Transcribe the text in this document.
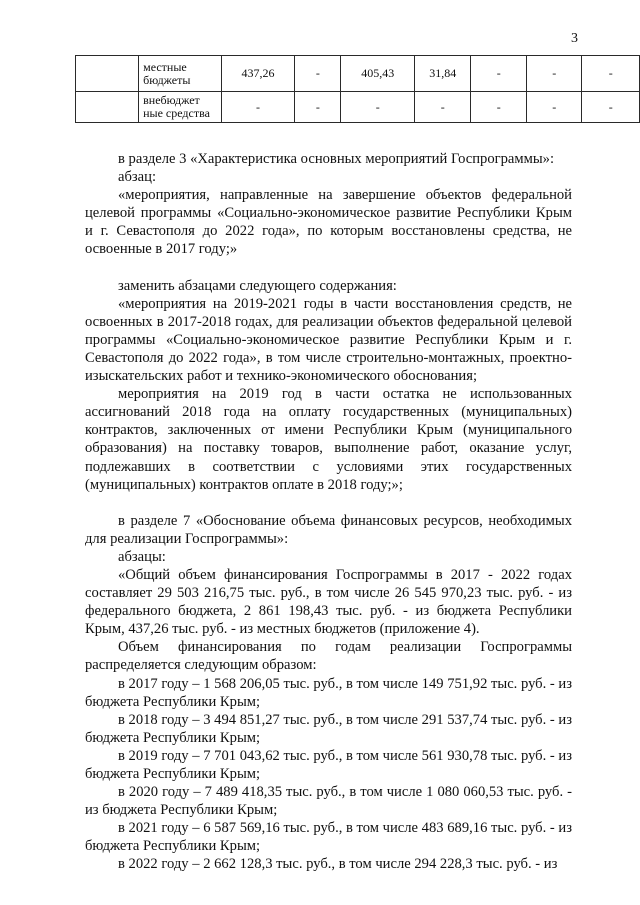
3
	местные бюджеты	437,26	-	405,43	31,84	-	-	-
	внебюджет ные средства	-	-	-	-	-	-	-

в разделе 3 «Характеристика основных мероприятий Госпрограммы»:

абзац:

«мероприятия, направленные на завершение объектов федеральной целевой программы «Социально-экономическое развитие Республики Крым и г. Севастополя до 2022 года», по которым восстановлены средства, не освоенные в 2017 году;»

заменить абзацами следующего содержания:

«мероприятия на 2019-2021 годы в части восстановления средств, не освоенных в 2017-2018 годах, для реализации объектов федеральной целевой программы «Социально-экономическое развитие Республики Крым и г. Севастополя до 2022 года», в том числе строительно-монтажных, проектно-изыскательских работ и технико-экономического обоснования;

мероприятия на 2019 год в части остатка не использованных ассигнований 2018 года на оплату государственных (муниципальных) контрактов, заключенных от имени Республики Крым (муниципального образования) на поставку товаров, выполнение работ, оказание услуг, подлежавших в соответствии с условиями этих государственных (муниципальных) контрактов оплате в 2018 году;»;

в разделе 7 «Обоснование объема финансовых ресурсов, необходимых для реализации Госпрограммы»:

абзацы:

«Общий объем финансирования Госпрограммы в 2017 - 2022 годах составляет 29 503 216,75 тыс. руб., в том числе 26 545 970,23 тыс. руб. - из федерального бюджета, 2 861 198,43 тыс. руб. - из бюджета Республики Крым, 437,26 тыс. руб. - из местных бюджетов (приложение 4).

Объем финансирования по годам реализации Госпрограммы распределяется следующим образом:

в 2017 году – 1 568 206,05 тыс. руб., в том числе 149 751,92 тыс. руб. - из бюджета Республики Крым;

в 2018 году – 3 494 851,27 тыс. руб., в том числе 291 537,74 тыс. руб. - из бюджета Республики Крым;

в 2019 году – 7 701 043,62 тыс. руб., в том числе 561 930,78 тыс. руб. - из бюджета Республики Крым;

в 2020 году – 7 489 418,35 тыс. руб., в том числе 1 080 060,53 тыс. руб. - из бюджета Республики Крым;

в 2021 году – 6 587 569,16 тыс. руб., в том числе 483 689,16 тыс. руб. - из бюджета Республики Крым;

в 2022 году – 2 662 128,3 тыс. руб., в том числе 294 228,3 тыс. руб. - из
